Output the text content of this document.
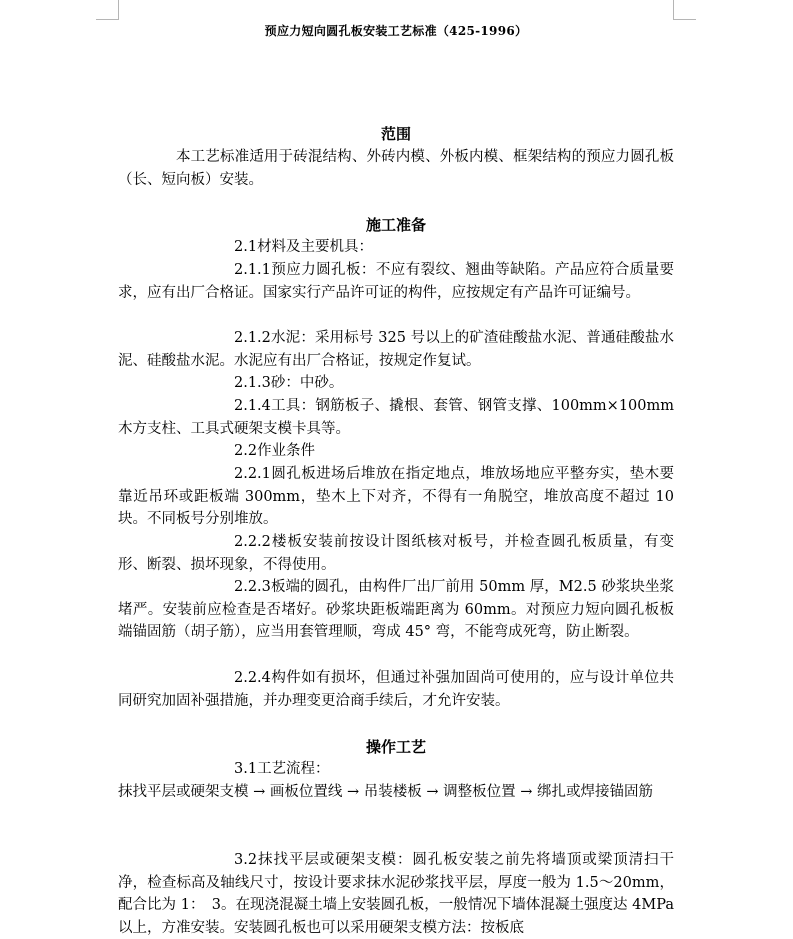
预应力短向圆孔板安装工艺标准（425-1996）
范围
本工艺标准适用于砖混结构、外砖内模、外板内模、框架结构的预应力圆孔板（长、短向板）安装。
施工准备
2.1材料及主要机具：
2.1.1预应力圆孔板：不应有裂纹、翘曲等缺陷。产品应符合质量要求，应有出厂合格证。国家实行产品许可证的构件，应按规定有产品许可证编号。
2.1.2水泥：采用标号 325 号以上的矿渣硅酸盐水泥、普通硅酸盐水泥、硅酸盐水泥。水泥应有出厂合格证，按规定作复试。
2.1.3砂：中砂。
2.1.4工具：钢筋板子、撬根、套管、钢管支撑、100mm×100mm 木方支柱、工具式硬架支模卡具等。
2.2作业条件
2.2.1圆孔板进场后堆放在指定地点，堆放场地应平整夯实，垫木要靠近吊环或距板端 300mm，垫木上下对齐，不得有一角脱空，堆放高度不超过 10 块。不同板号分别堆放。
2.2.2楼板安装前按设计图纸核对板号，并检查圆孔板质量，有变形、断裂、损坏现象，不得使用。
2.2.3板端的圆孔，由构件厂出厂前用 50mm 厚，M2.5 砂浆块坐浆堵严。安装前应检查是否堵好。砂浆块距板端距离为 60mm。对预应力短向圆孔板板端锚固筋（胡子筋），应当用套管理顺，弯成 45° 弯，不能弯成死弯，防止断裂。
2.2.4构件如有损坏，但通过补强加固尚可使用的，应与设计单位共同研究加固补强措施，并办理变更洽商手续后，才允许安装。
操作工艺
3.1工艺流程：
抹找平层或硬架支模 → 画板位置线 → 吊装楼板 → 调整板位置 → 绑扎或焊接锚固筋
3.2抹找平层或硬架支模：圆孔板安装之前先将墙顶或梁顶清扫干净，检查标高及轴线尺寸，按设计要求抹水泥砂浆找平层，厚度一般为 1.5～20mm，配合比为 1：　3。在现浇混凝土墙上安装圆孔板，一般情况下墙体混凝土强度达 4MPa 以上，方准安装。安装圆孔板也可以采用硬架支模方法：按板底
